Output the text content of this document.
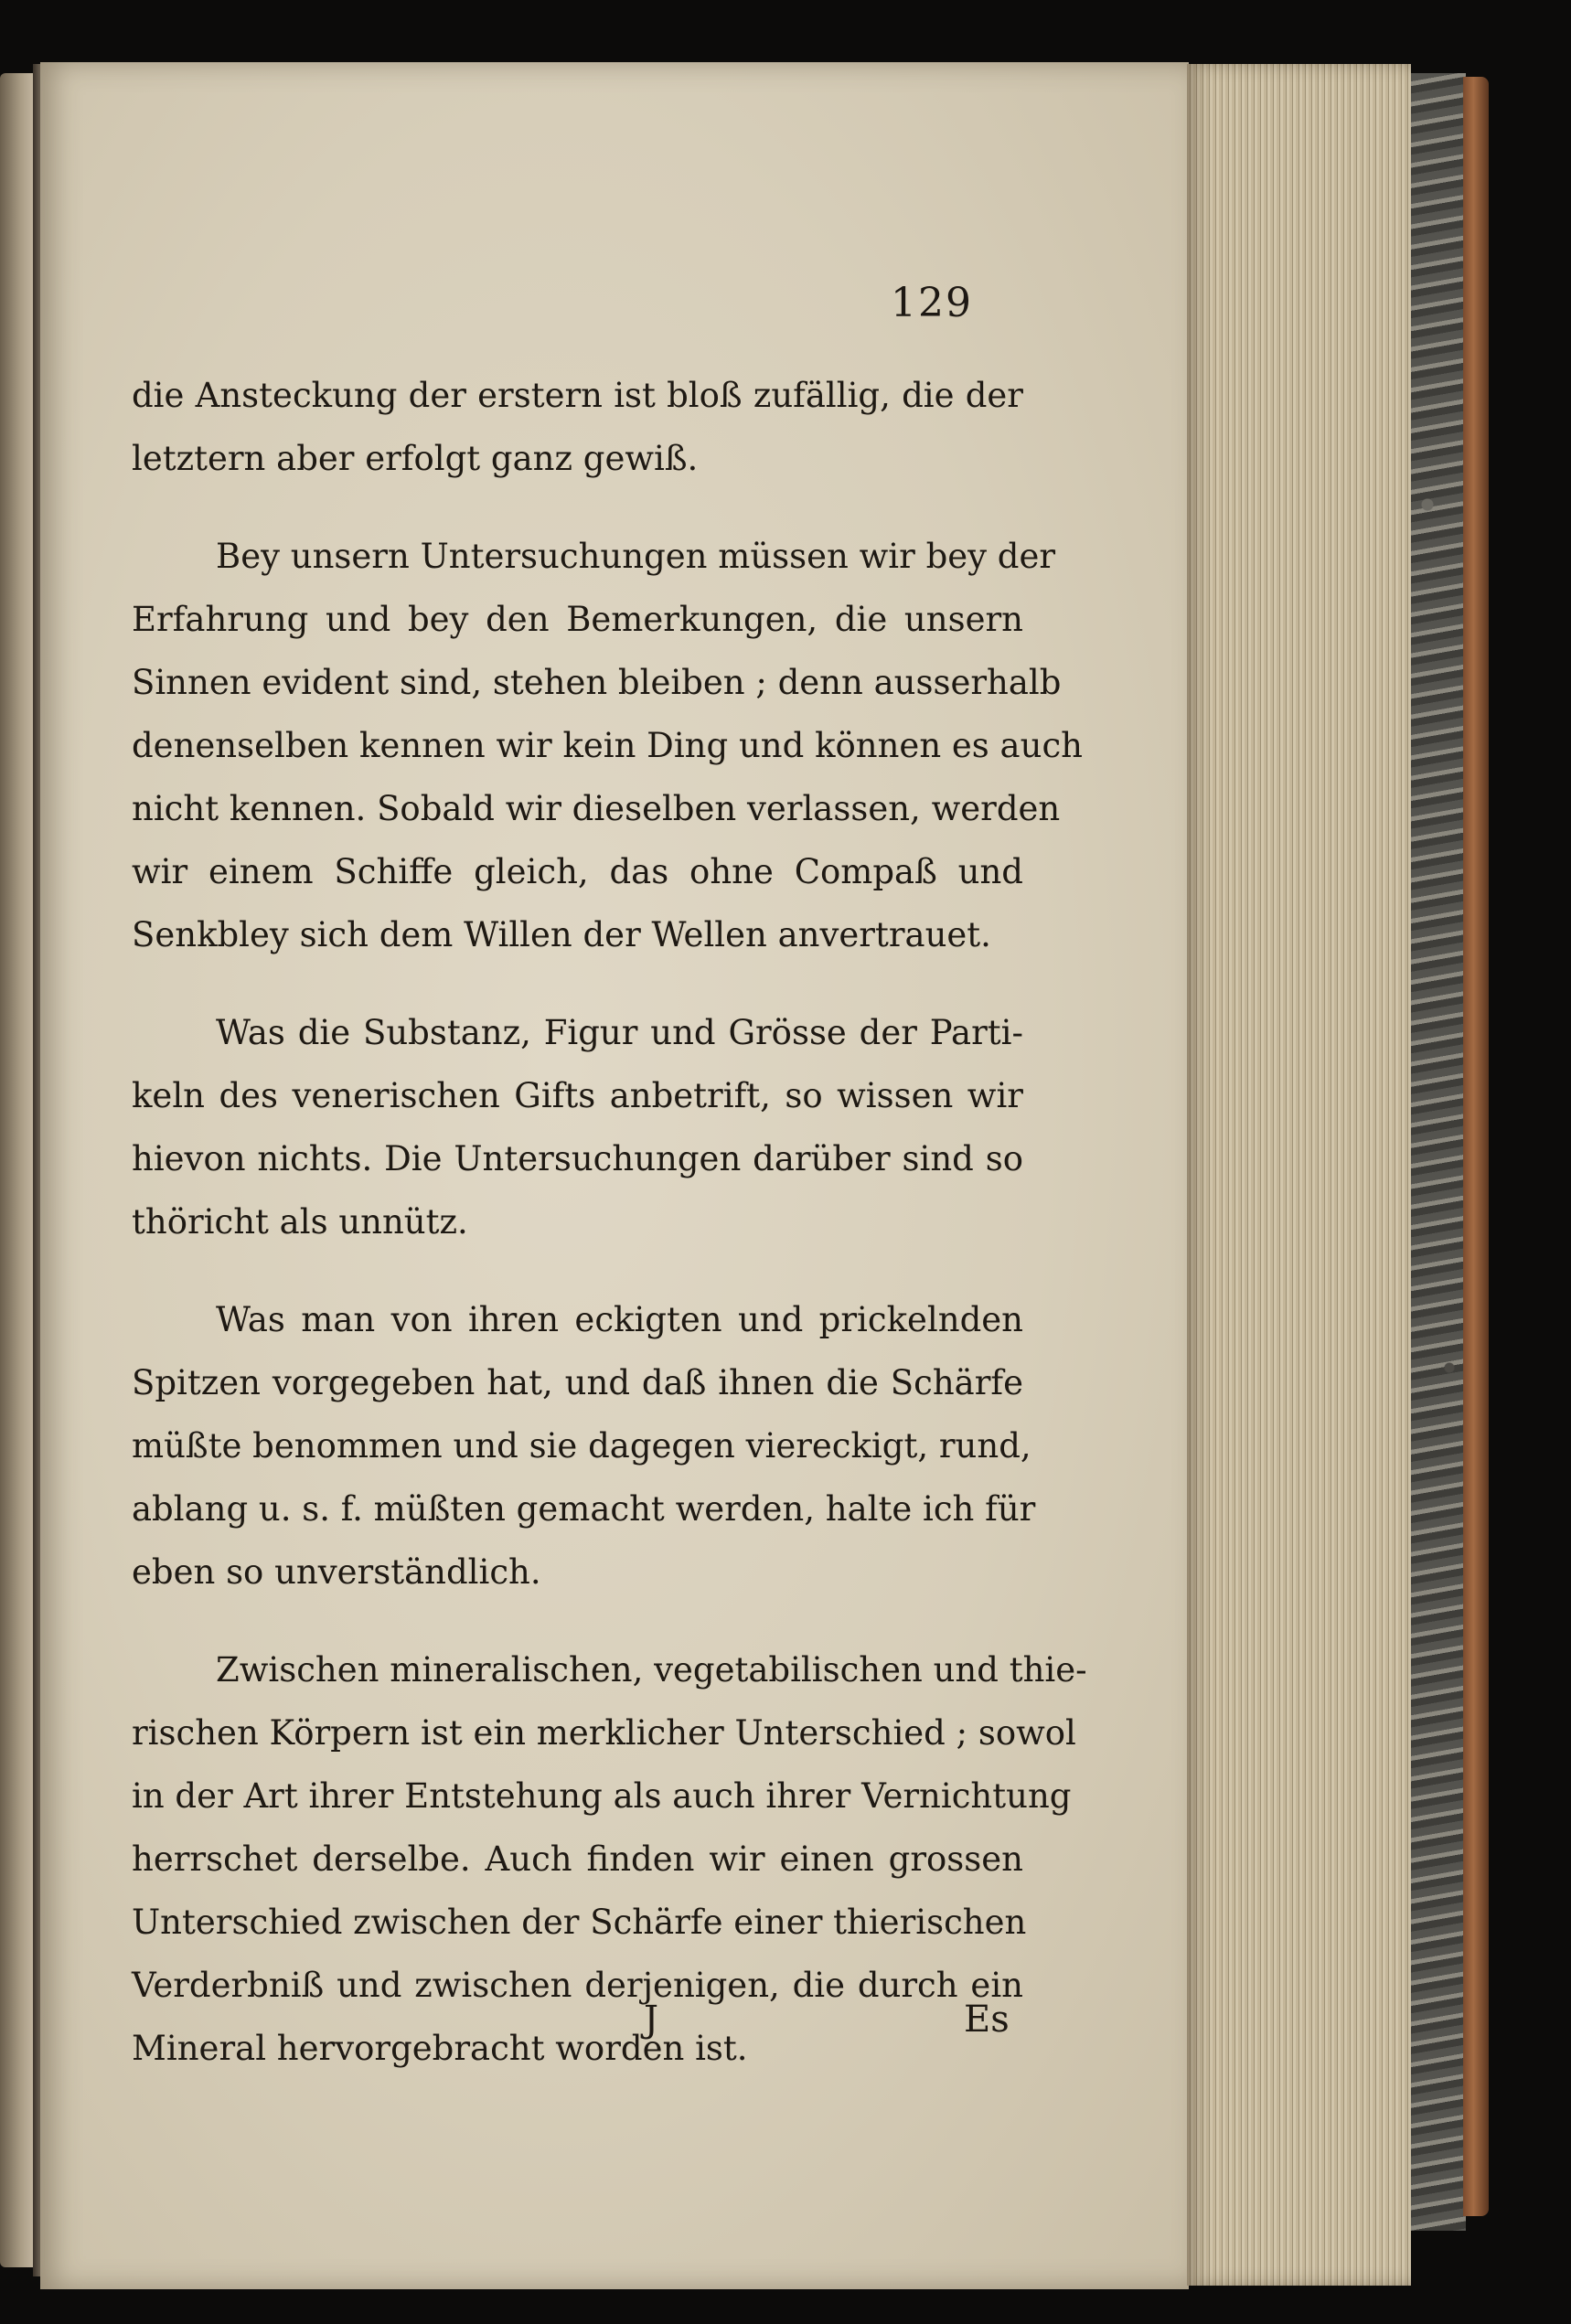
129

die Ansteckung der erstern ist bloß zufällig, die der
letztern aber erfolgt ganz gewiß.

Bey unsern Untersuchungen müssen wir bey der
Erfahrung und bey den Bemerkungen, die unsern
Sinnen evident sind, stehen bleiben ; denn ausserhalb
denenselben kennen wir kein Ding und können es auch
nicht kennen. Sobald wir dieselben verlassen, werden
wir einem Schiffe gleich, das ohne Compaß und
Senkbley sich dem Willen der Wellen anvertrauet.

Was die Substanz, Figur und Grösse der Parti-
keln des venerischen Gifts anbetrift, so wissen wir
hievon nichts. Die Untersuchungen darüber sind so
thöricht als unnütz.

Was man von ihren eckigten und prickelnden
Spitzen vorgegeben hat, und daß ihnen die Schärfe
müßte benommen und sie dagegen viereckigt, rund,
ablang u. s. f. müßten gemacht werden, halte ich für
eben so unverständlich.

Zwischen mineralischen, vegetabilischen und thie-
rischen Körpern ist ein merklicher Unterschied ; sowol
in der Art ihrer Entstehung als auch ihrer Vernichtung
herrschet derselbe. Auch finden wir einen grossen
Unterschied zwischen der Schärfe einer thierischen
Verderbniß und zwischen derjenigen, die durch ein
Mineral hervorgebracht worden ist.

J	Es
